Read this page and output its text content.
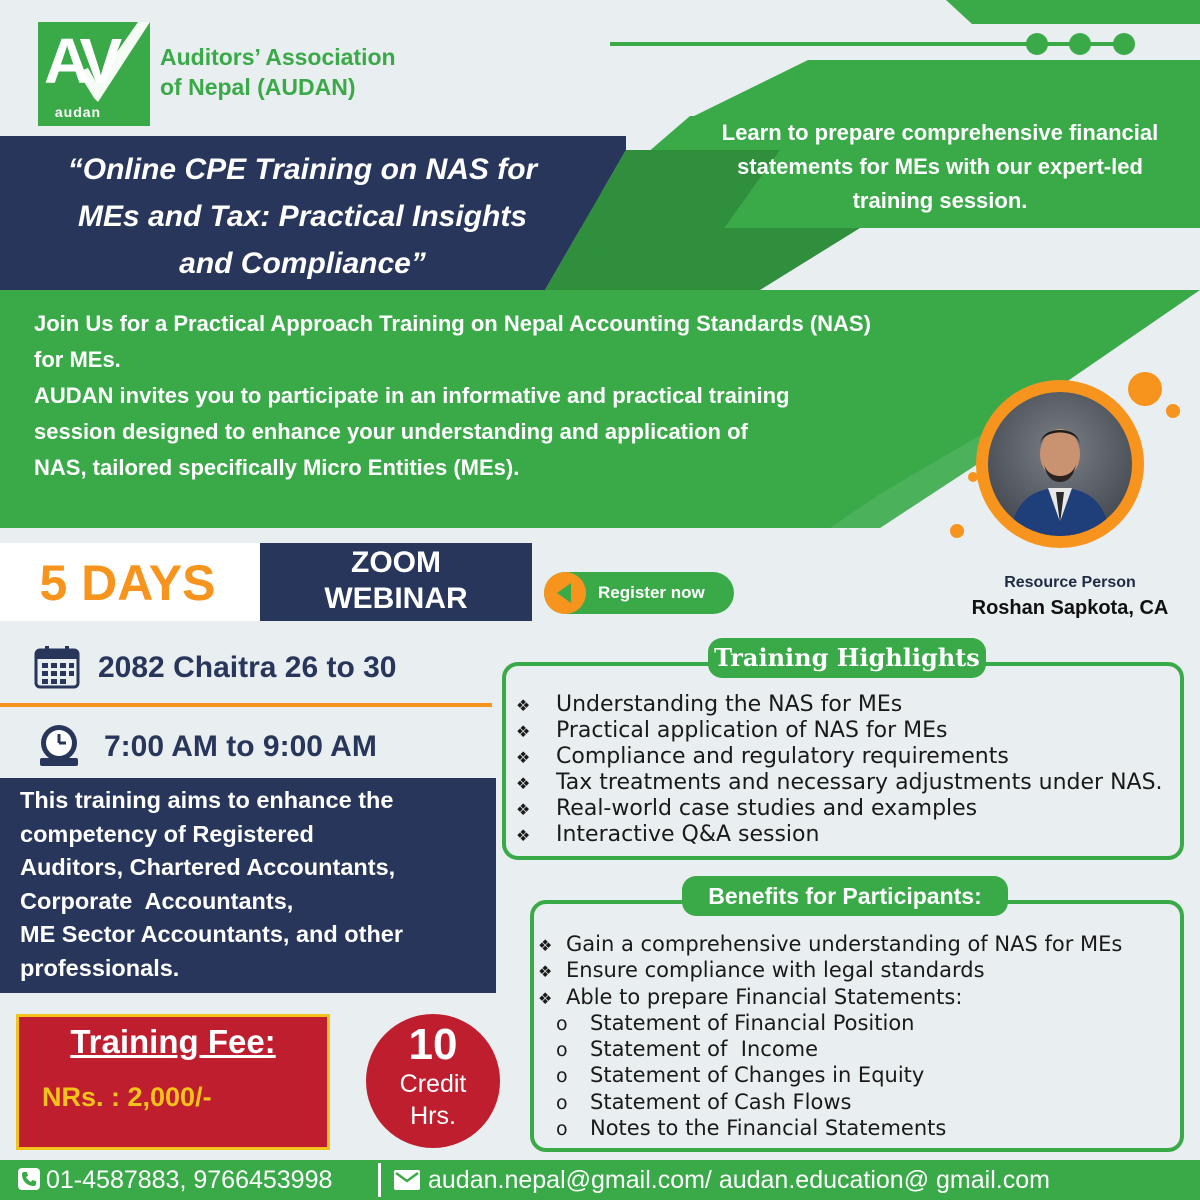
AV
audan
Auditors’ Association
of Nepal (AUDAN)
“Online CPE Training on NAS for
MEs and Tax: Practical Insights
and Compliance”
Learn to prepare comprehensive financial
statements for MEs with our expert-led
training session.
Join Us for a Practical Approach Training on Nepal Accounting Standards (NAS)
for MEs.
AUDAN invites you to participate in an informative and practical training
session designed to enhance your understanding and application of
NAS, tailored specifically Micro Entities (MEs).
Resource Person
Roshan Sapkota, CA
5 DAYS	ZOOM
WEBINAR	Register now
2082 Chaitra 26 to 30
7:00 AM to 9:00 AM
This training aims to enhance the
competency of Registered
Auditors, Chartered Accountants,
Corporate  Accountants,
ME Sector Accountants, and other
professionals.
Training Fee:
NRs. : 2,000/-
10
Credit
Hrs.
Training Highlights
❖ Understanding the NAS for MEs
❖ Practical application of NAS for MEs
❖ Compliance and regulatory requirements
❖ Tax treatments and necessary adjustments under NAS.
❖ Real-world case studies and examples
❖ Interactive Q&A session
Benefits for Participants:
❖ Gain a comprehensive understanding of NAS for MEs
❖ Ensure compliance with legal standards
❖ Able to prepare Financial Statements:
o Statement of Financial Position
o Statement of  Income
o Statement of Changes in Equity
o Statement of Cash Flows
o Notes to the Financial Statements
01-4587883, 9766453998	audan.nepal@gmail.com/ audan.education@ gmail.com
